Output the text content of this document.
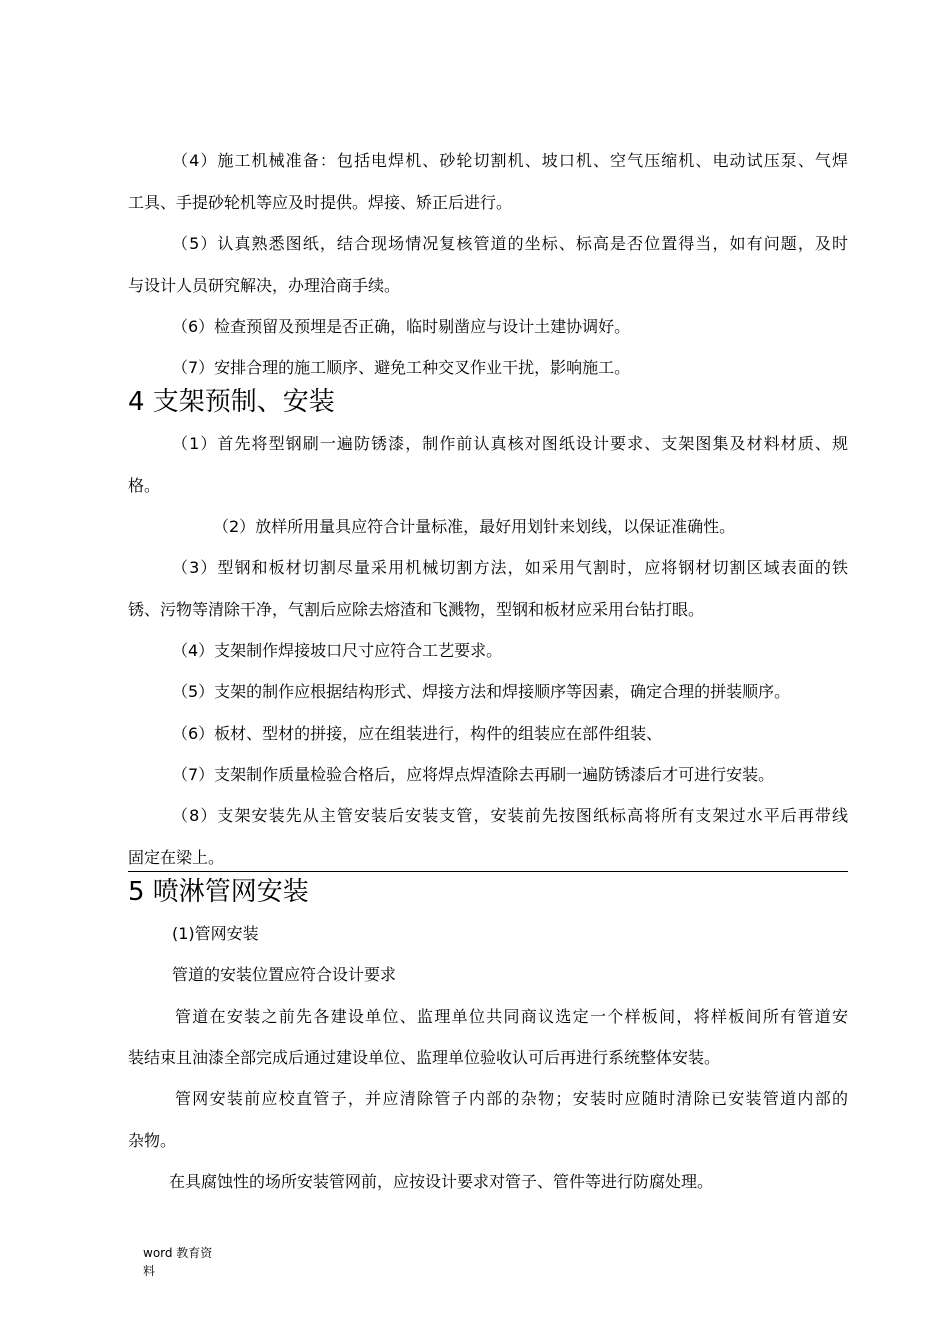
（4）施工机械准备：包括电焊机、砂轮切割机、坡口机、空气压缩机、电动试压泵、气焊
工具、手提砂轮机等应及时提供。焊接、矫正后进行。
（5）认真熟悉图纸，结合现场情况复核管道的坐标、标高是否位置得当，如有问题，及时
与设计人员研究解决，办理洽商手续。
（6）检查预留及预埋是否正确，临时剔凿应与设计土建协调好。
（7）安排合理的施工顺序、避免工种交叉作业干扰，影响施工。
4 支架预制、安装
（1）首先将型钢刷一遍防锈漆，制作前认真核对图纸设计要求、支架图集及材料材质、规
格。
（2）放样所用量具应符合计量标准，最好用划针来划线，以保证准确性。
（3）型钢和板材切割尽量采用机械切割方法，如采用气割时，应将钢材切割区域表面的铁
锈、污物等清除干净，气割后应除去熔渣和飞溅物，型钢和板材应采用台钻打眼。
（4）支架制作焊接坡口尺寸应符合工艺要求。
（5）支架的制作应根据结构形式、焊接方法和焊接顺序等因素，确定合理的拼装顺序。
（6）板材、型材的拼接，应在组装进行，构件的组装应在部件组装、
（7）支架制作质量检验合格后，应将焊点焊渣除去再刷一遍防锈漆后才可进行安装。
（8）支架安装先从主管安装后安装支管，安装前先按图纸标高将所有支架过水平后再带线
固定在梁上。
5 喷淋管网安装
(1)管网安装
管道的安装位置应符合设计要求
管道在安装之前先各建设单位、监理单位共同商议选定一个样板间，将样板间所有管道安
装结束且油漆全部完成后通过建设单位、监理单位验收认可后再进行系统整体安装。
管网安装前应校直管子，并应清除管子内部的杂物；安装时应随时清除已安装管道内部的
杂物。
在具腐蚀性的场所安装管网前，应按设计要求对管子、管件等进行防腐处理。
word 教育资
料
